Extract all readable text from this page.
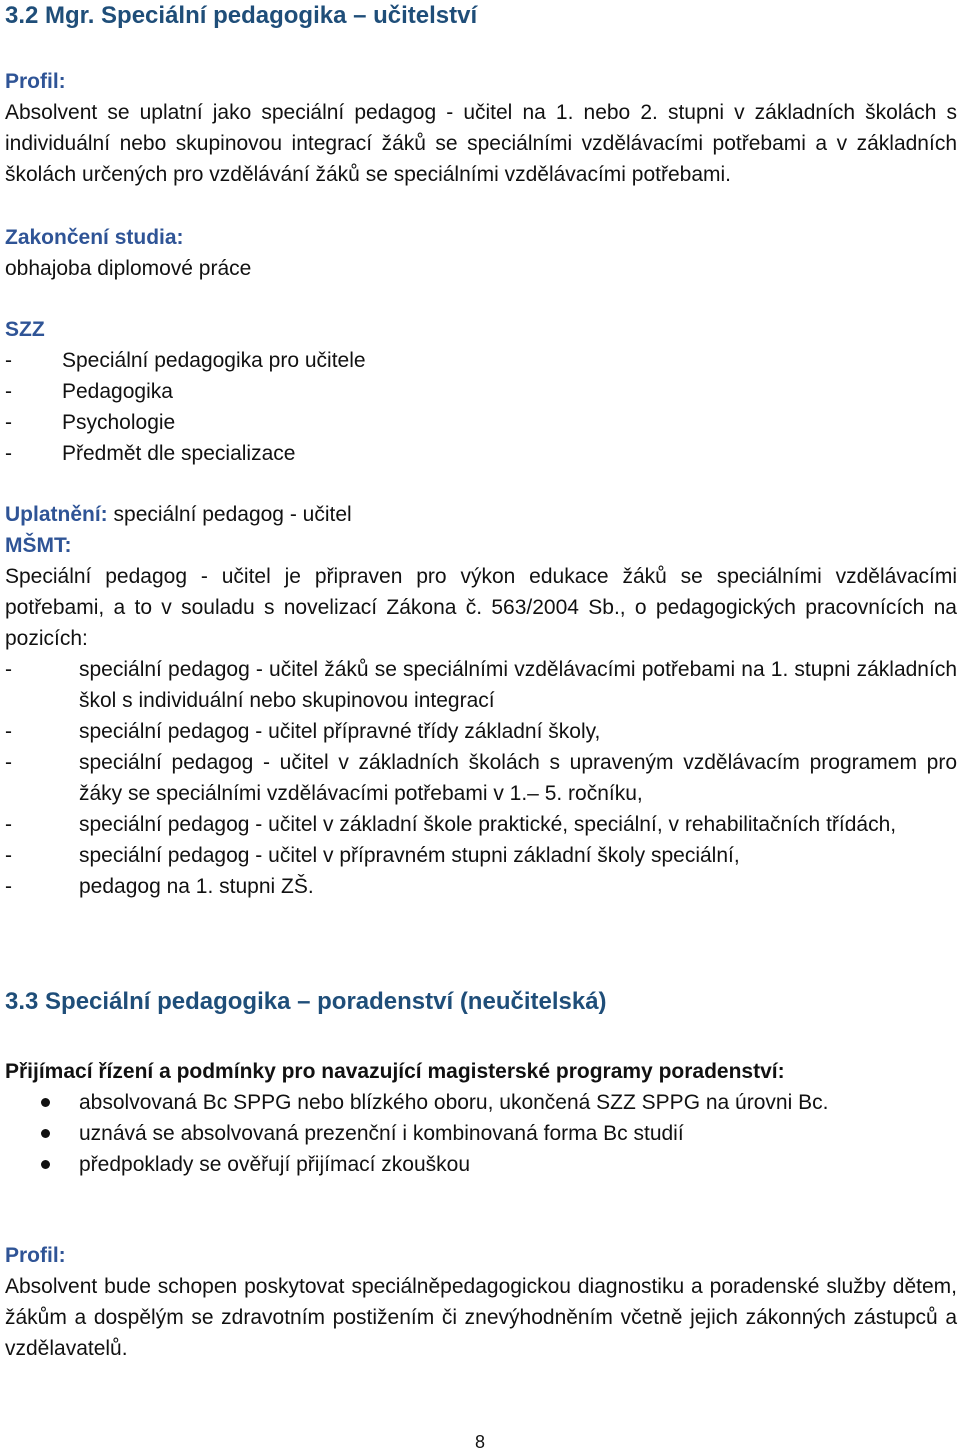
3.2 Mgr. Speciální pedagogika – učitelství

Profil:

Absolvent se uplatní jako speciální pedagog - učitel na 1. nebo 2. stupni v základních školách s individuální nebo skupinovou integrací žáků se speciálními vzdělávacími potřebami a v základních školách určených pro vzdělávání žáků se speciálními vzdělávacími potřebami.

Zakončení studia:

obhajoba diplomové práce

SZZ

- Speciální pedagogika pro učitele
- Pedagogika
- Psychologie
- Předmět dle specializace

Uplatnění: speciální pedagog - učitel

MŠMT:

Speciální pedagog - učitel je připraven pro výkon edukace žáků se speciálními vzdělávacími potřebami, a to v souladu s novelizací Zákona č. 563/2004 Sb., o pedagogických pracovnících na pozicích:

-	speciální pedagog - učitel žáků se speciálními vzdělávacími potřebami na 1. stupni základních škol s individuální nebo skupinovou integrací
-	speciální pedagog - učitel přípravné třídy základní školy,
-	speciální pedagog - učitel v základních školách s upraveným vzdělávacím programem pro žáky se speciálními vzdělávacími potřebami v 1.– 5. ročníku,
-	speciální pedagog - učitel v základní škole praktické, speciální, v rehabilitačních třídách,
-	speciální pedagog - učitel v přípravném stupni základní školy speciální,
-	pedagog na 1. stupni ZŠ.
3.3 Speciální pedagogika – poradenství (neučitelská)

Přijímací řízení a podmínky pro navazující magisterské programy poradenství:

absolvovaná Bc SPPG nebo blízkého oboru, ukončená SZZ SPPG na úrovni Bc.
uznává se absolvovaná prezenční i kombinovaná forma Bc studií
předpoklady se ověřují přijímací zkouškou

Profil:

Absolvent bude schopen poskytovat speciálněpedagogickou diagnostiku a poradenské služby dětem, žákům a dospělým se zdravotním postižením či znevýhodněním včetně jejich zákonných zástupců a vzdělavatelů.

8
